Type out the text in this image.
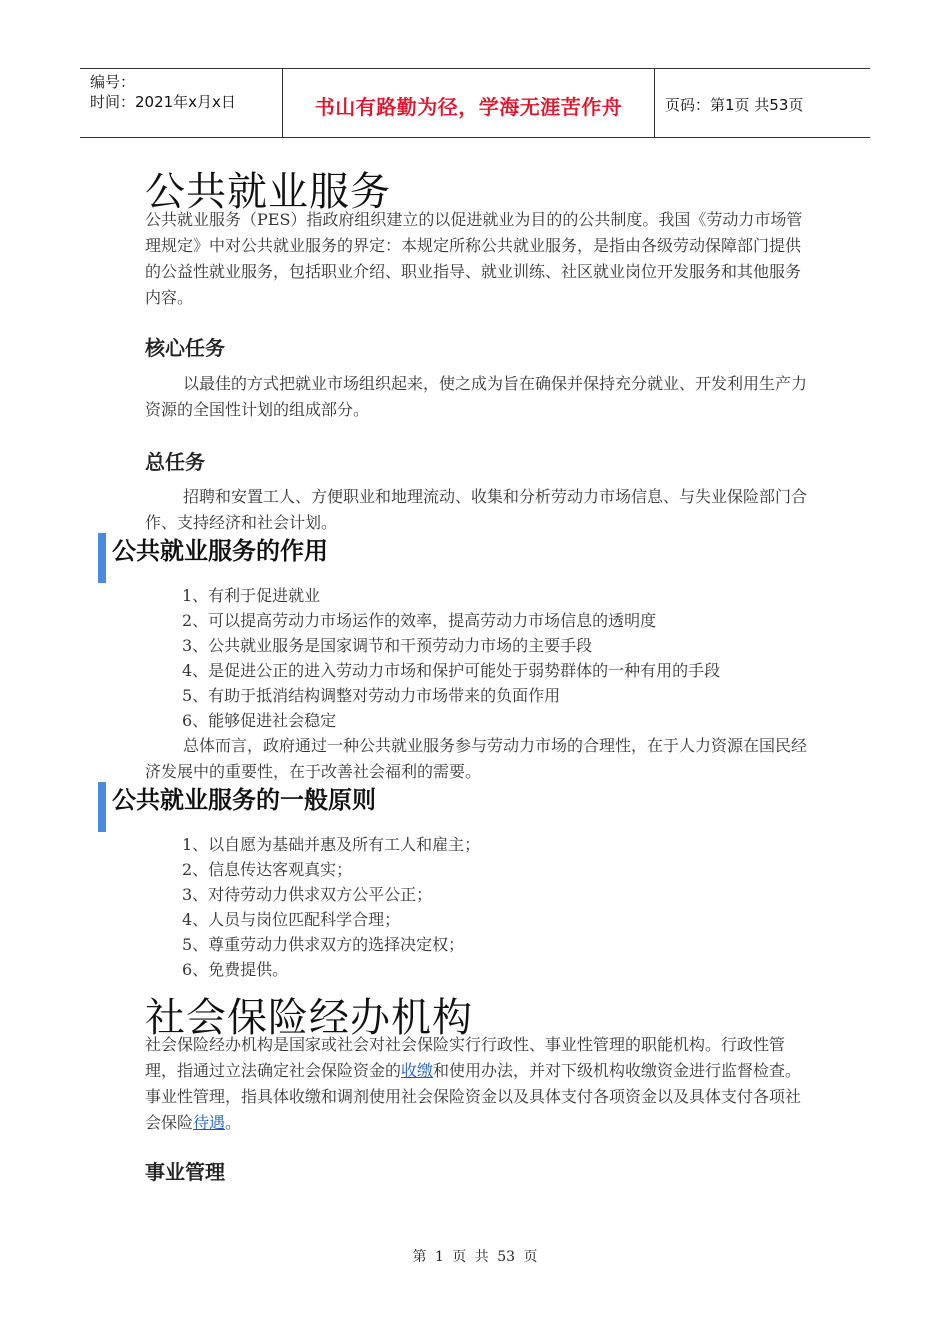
编号：
时间：2021年x月x日	书山有路勤为径，学海无涯苦作舟	页码：第1页 共53页
公共就业服务

公共就业服务（PES）指政府组织建立的以促进就业为目的的公共制度。我国《劳动力市场管理规定》中对公共就业服务的界定：本规定所称公共就业服务，是指由各级劳动保障部门提供的公益性就业服务，包括职业介绍、职业指导、就业训练、社区就业岗位开发服务和其他服务内容。

核心任务

以最佳的方式把就业市场组织起来，使之成为旨在确保并保持充分就业、开发利用生产力资源的全国性计划的组成部分。

总任务

招聘和安置工人、方便职业和地理流动、收集和分析劳动力市场信息、与失业保险部门合作、支持经济和社会计划。

公共就业服务的作用
1、有利于促进就业
2、可以提高劳动力市场运作的效率，提高劳动力市场信息的透明度
3、公共就业服务是国家调节和干预劳动力市场的主要手段
4、是促进公正的进入劳动力市场和保护可能处于弱势群体的一种有用的手段
5、有助于抵消结构调整对劳动力市场带来的负面作用
6、能够促进社会稳定

总体而言，政府通过一种公共就业服务参与劳动力市场的合理性，在于人力资源在国民经济发展中的重要性，在于改善社会福利的需要。

公共就业服务的一般原则
1、以自愿为基础并惠及所有工人和雇主；
2、信息传达客观真实；
3、对待劳动力供求双方公平公正；
4、人员与岗位匹配科学合理；
5、尊重劳动力供求双方的选择决定权；
6、免费提供。
社会保险经办机构

社会保险经办机构是国家或社会对社会保险实行行政性、事业性管理的职能机构。行政性管理，指通过立法确定社会保险资金的收缴和使用办法，并对下级机构收缴资金进行监督检查。事业性管理，指具体收缴和调剂使用社会保险资金以及具体支付各项资金以及具体支付各项社会保险待遇。

事业管理
第 1 页 共 53 页
